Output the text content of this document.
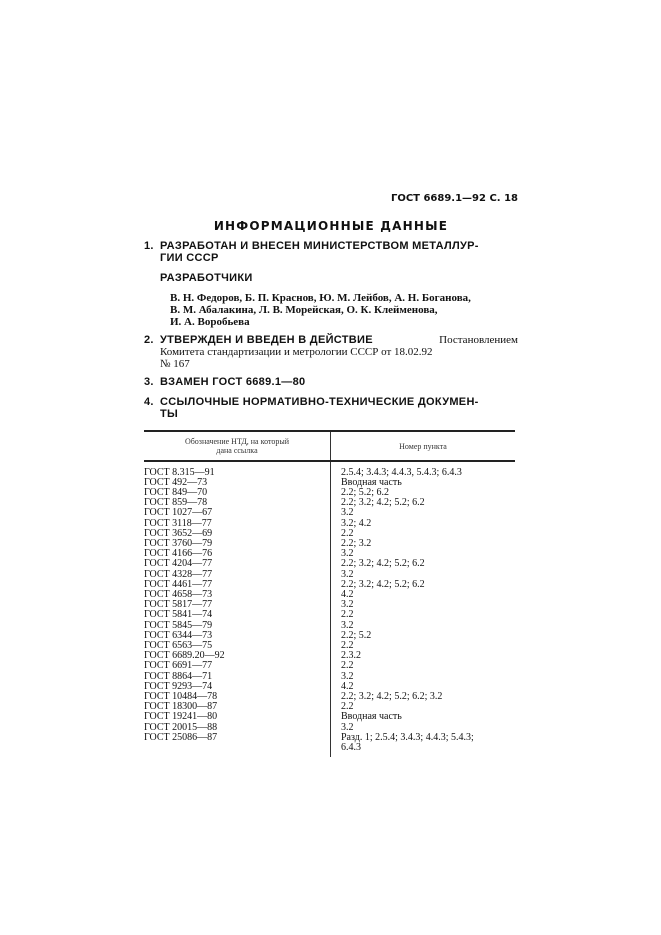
ГОСТ 6689.1—92 С. 18
ИНФОРМАЦИОННЫЕ ДАННЫЕ
1. РАЗРАБОТАН И ВНЕСЕН МИНИСТЕРСТВОМ МЕТАЛЛУР-
ГИИ СССР
РАЗРАБОТЧИКИ
В. Н. Федоров, Б. П. Краснов, Ю. М. Лейбов, А. Н. Боганова,
В. М. Абалакина, Л. В. Морейская, О. К. Клейменова,
И. А. Воробьева
2. УТВЕРЖДЕН И ВВЕДЕН В ДЕЙСТВИЕ	Постановлением
Комитета стандартизации и метрологии СССР от 18.02.92
№ 167
3. ВЗАМЕН ГОСТ 6689.1—80
4. ССЫЛОЧНЫЕ НОРМАТИВНО-ТЕХНИЧЕСКИЕ ДОКУМЕН-
ТЫ
Обозначение НТД, на который дана ссылка	Номер пункта
ГОСТ 8.315—91
ГОСТ 492—73
ГОСТ 849—70
ГОСТ 859—78
ГОСТ 1027—67
ГОСТ 3118—77
ГОСТ 3652—69
ГОСТ 3760—79
ГОСТ 4166—76
ГОСТ 4204—77
ГОСТ 4328—77
ГОСТ 4461—77
ГОСТ 4658—73
ГОСТ 5817—77
ГОСТ 5841—74
ГОСТ 5845—79
ГОСТ 6344—73
ГОСТ 6563—75
ГОСТ 6689.20—92
ГОСТ 6691—77
ГОСТ 8864—71
ГОСТ 9293—74
ГОСТ 10484—78
ГОСТ 18300—87
ГОСТ 19241—80
ГОСТ 20015—88
ГОСТ 25086—87
2.5.4; 3.4.3; 4.4.3, 5.4.3; 6.4.3
Вводная часть
2.2; 5.2; 6.2
2.2; 3.2; 4.2; 5.2; 6.2
3.2
3.2; 4.2
2.2
2.2; 3.2
3.2
2.2; 3.2; 4.2; 5.2; 6.2
3.2
2.2; 3.2; 4.2; 5.2; 6.2
4.2
3.2
2.2
3.2
2.2; 5.2
2.2
2.3.2
2.2
3.2
4.2
2.2; 3.2; 4.2; 5.2; 6.2; 3.2
2.2
Вводная часть
3.2
Разд. 1; 2.5.4; 3.4.3; 4.4.3; 5.4.3;
6.4.3
